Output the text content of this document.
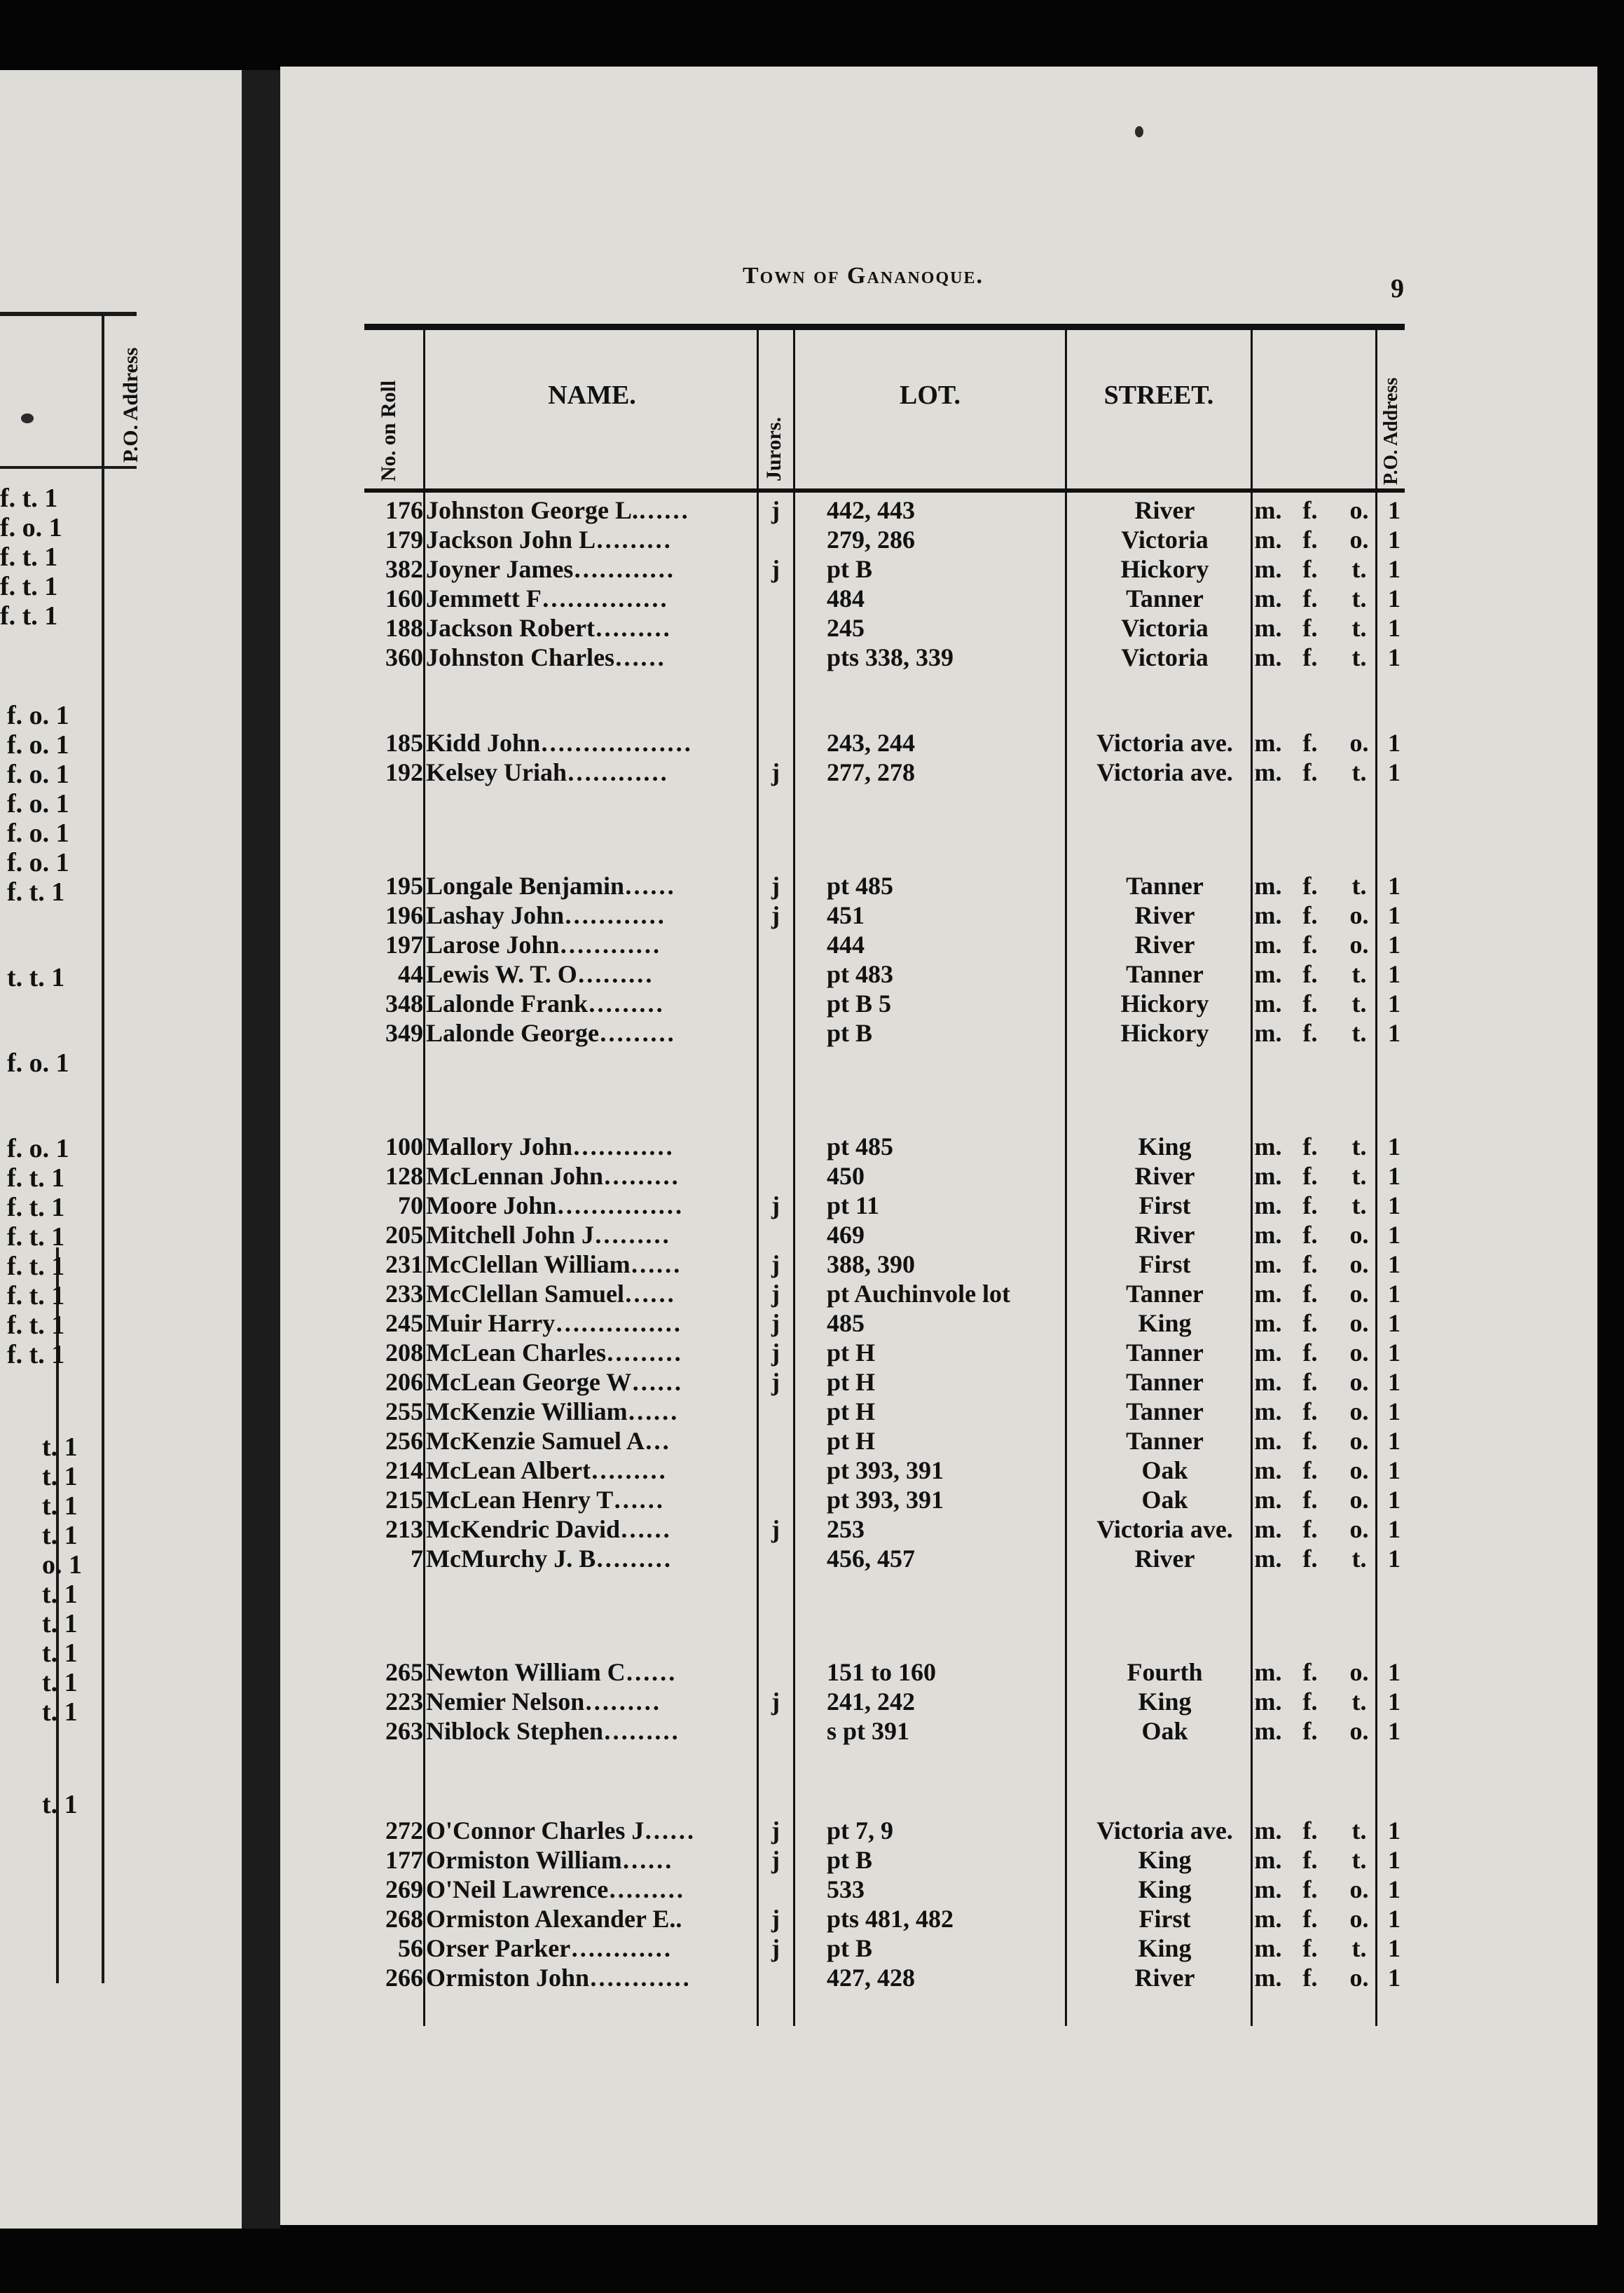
P.O. Address
f. t. 1
f. o. 1
f. t. 1
f. t. 1
f. t. 1
f. o. 1
f. o. 1
f. o. 1
f. o. 1
f. o. 1
f. o. 1
f. t. 1
t. t. 1
f. o. 1
f. o. 1
f. t. 1
f. t. 1
f. t. 1
f. t. 1
f. t. 1
f. t. 1
f. t. 1
t. 1
t. 1
t. 1
t. 1
o. 1
t. 1
t. 1
t. 1
t. 1
t. 1
t. 1
Town of Gananoque.	9
No. on Roll	NAME.
Jurors.
LOT.	STREET.	P.O. Address
176 Johnston George L.……	j 442, 443	River	m. f. o. 1
179 Jackson John L………	279, 286	Victoria	m. f. o. 1
382 Joyner James…………	j pt B	Hickory	m. f. t. 1
160 Jemmett F……………	484	Tanner	m. f. t. 1
188 Jackson Robert………	245	Victoria	m. f. t. 1
360 Johnston Charles……	pts 338, 339	Victoria	m. f. t. 1
185 Kidd John………………	243, 244	Victoria ave. m. f. o. 1
192 Kelsey Uriah…………	j 277, 278	Victoria ave. m. f. t. 1
195 Longale Benjamin……	j pt 485	Tanner	m. f. t. 1
196 Lashay John…………	j 451	River	m. f. o. 1
197 Larose John…………	444	River	m. f. o. 1
44 Lewis W. T. O………	pt 483	Tanner	m. f. t. 1
348 Lalonde Frank………	pt B 5	Hickory	m. f. t. 1
349 Lalonde George………	pt B	Hickory	m. f. t. 1
100 Mallory John…………	pt 485	King	m. f. t. 1
128 McLennan John………	450	River	m. f. t. 1
70 Moore John……………	j pt 11	First	m. f. t. 1
205 Mitchell John J………	469	River	m. f. o. 1
231 McClellan William……	j 388, 390	First	m. f. o. 1
233 McClellan Samuel……	j pt Auchinvole lot	Tanner	m. f. o. 1
245 Muir Harry……………	j 485	King	m. f. o. 1
208 McLean Charles………	j pt H	Tanner	m. f. o. 1
206 McLean George W……	j pt H	Tanner	m. f. o. 1
255 McKenzie William……	pt H	Tanner	m. f. o. 1
256 McKenzie Samuel A…	pt H	Tanner	m. f. o. 1
214 McLean Albert………	pt 393, 391	Oak	m. f. o. 1
215 McLean Henry T……	pt 393, 391	Oak	m. f. o. 1
213 McKendric David……	j 253	Victoria ave. m. f. o. 1
7 McMurchy J. B………	456, 457	River	m. f. t. 1
265 Newton William C……	151 to 160	Fourth	m. f. o. 1
223 Nemier Nelson………	j 241, 242	King	m. f. t. 1
263 Niblock Stephen………	s pt 391	Oak	m. f. o. 1
272 O'Connor Charles J……	j pt 7, 9	Victoria ave. m. f. t. 1
177 Ormiston William……	j pt B	King	m. f. t. 1
269 O'Neil Lawrence………	533	King	m. f. o. 1
268 Ormiston Alexander E..	j pts 481, 482	First	m. f. o. 1
56 Orser Parker…………	j pt B	King	m. f. t. 1
266 Ormiston John…………	427, 428	River	m. f. o. 1
